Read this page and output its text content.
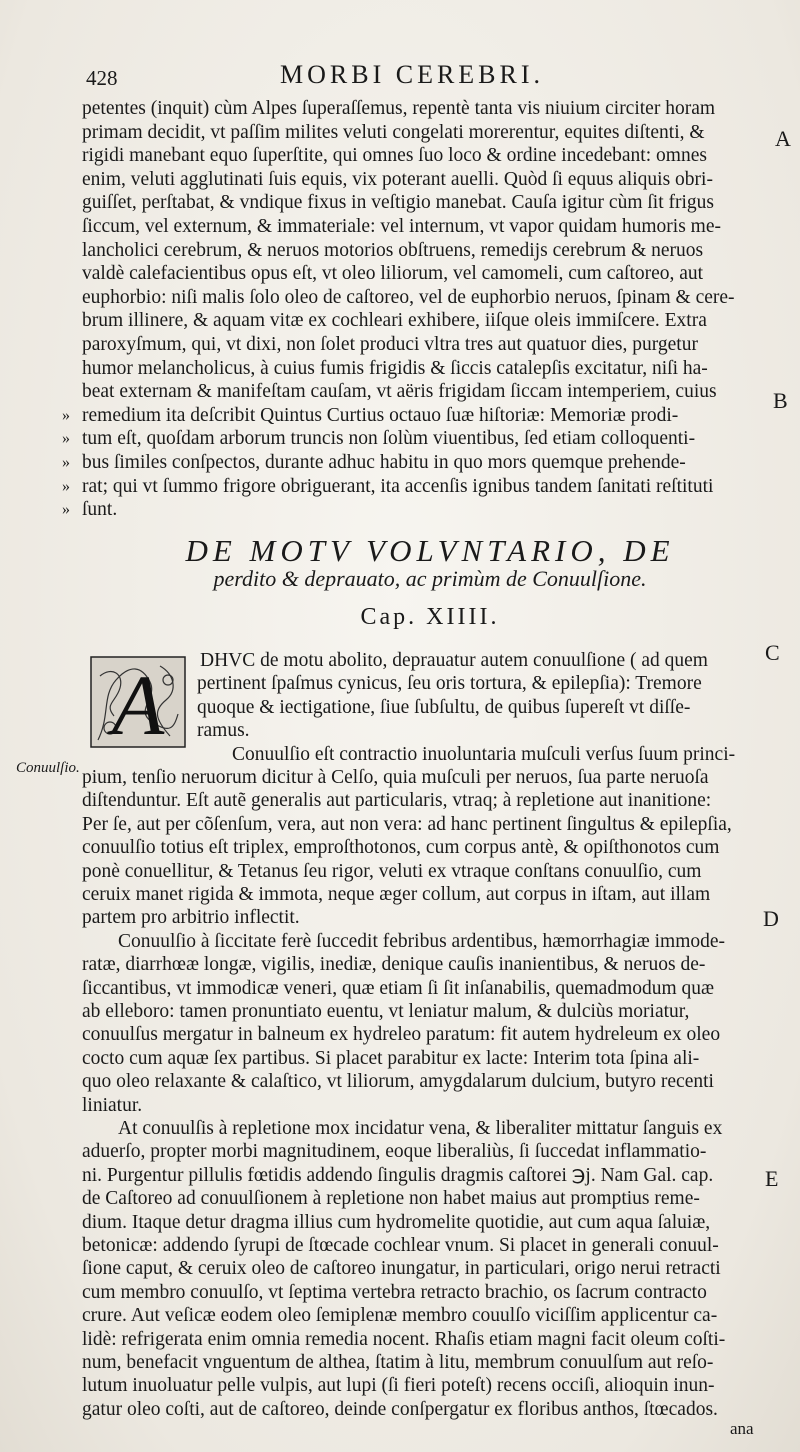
428	MORBI CEREBRI.
petentes (inquit) cùm Alpes ſuperaſſemus, repentè tanta vis niuium circiter horam
primam decidit, vt paſſim milites veluti congelati morerentur, equites diſtenti, &
rigidi manebant equo ſuperſtite, qui omnes ſuo loco & ordine incedebant: omnes
enim, veluti agglutinati ſuis equis, vix poterant auelli. Quòd ſi equus aliquis obri-
guiſſet, perſtabat, & vndique fixus in veſtigio manebat. Cauſa igitur cùm ſit frigus
ſiccum, vel externum, & immateriale: vel internum, vt vapor quidam humoris me-
lancholici cerebrum, & neruos motorios obſtruens, remedijs cerebrum & neruos
valdè calefacientibus opus eſt, vt oleo liliorum, vel camomeli, cum caſtoreo, aut
euphorbio: niſi malis ſolo oleo de caſtoreo, vel de euphorbio neruos, ſpinam & cere-
brum illinere, & aquam vitæ ex cochleari exhibere, iiſque oleis immiſcere. Extra
paroxyſmum, qui, vt dixi, non ſolet produci vltra tres aut quatuor dies, purgetur
humor melancholicus, à cuius fumis frigidis & ſiccis catalepſis excitatur, niſi ha-
beat externam & manifeſtam cauſam, vt aëris frigidam ſiccam intemperiem, cuius
remedium ita deſcribit Quintus Curtius octauo ſuæ hiſtoriæ: Memoriæ prodi-
tum eſt, quoſdam arborum truncis non ſolùm viuentibus, ſed etiam colloquenti-
bus ſimiles conſpectos, durante adhuc habitu in quo mors quemque prehende-
rat; qui vt ſummo frigore obriguerant, ita accenſis ignibus tandem ſanitati reſtituti
ſunt.
»
»
»
»
»
DE MOTV VOLVNTARIO, DE
perdito & deprauato, ac primùm de Conuulſione.
Cap. XIIII.
A DHVC de motu abolito, deprauatur autem conuulſione ( ad quem
pertinent ſpaſmus cynicus, ſeu oris tortura, & epilepſia): Tremore
quoque & iectigatione, ſiue ſubſultu, de quibus ſupereſt vt diſſe-
ramus.
Conuulſio eſt contractio inuoluntaria muſculi verſus ſuum princi-
pium, tenſio neruorum dicitur à Celſo, quia muſculi per neruos, ſua parte neruoſa
diſtenduntur. Eſt autẽ generalis aut particularis, vtraq; à repletione aut inanitione:
Per ſe, aut per cõſenſum, vera, aut non vera: ad hanc pertinent ſingultus & epilepſia,
conuulſio totius eſt triplex, emproſthotonos, cum corpus antè, & opiſthonotos cum
ponè conuellitur, & Tetanus ſeu rigor, veluti ex vtraque conſtans conuulſio, cum
ceruix manet rigida & immota, neque æger collum, aut corpus in iſtam, aut illam
partem pro arbitrio inflectit.
Conuulſio à ſiccitate ferè ſuccedit febribus ardentibus, hæmorrhagiæ immode-
ratæ, diarrhœæ longæ, vigilis, inediæ, denique cauſis inanientibus, & neruos de-
ſiccantibus, vt immodicæ veneri, quæ etiam ſi ſit inſanabilis, quemadmodum quæ
ab elleboro: tamen pronuntiato euentu, vt leniatur malum, & dulciùs moriatur,
conuulſus mergatur in balneum ex hydreleo paratum: fit autem hydreleum ex oleo
cocto cum aquæ ſex partibus. Si placet parabitur ex lacte: Interim tota ſpina ali-
quo oleo relaxante & calaſtico, vt liliorum, amygdalarum dulcium, butyro recenti
liniatur.
At conuulſis à repletione mox incidatur vena, & liberaliter mittatur ſanguis ex
aduerſo, propter morbi magnitudinem, eoque liberaliùs, ſi ſuccedat inflammatio-
ni. Purgentur pillulis fœtidis addendo ſingulis dragmis caſtorei ℈j. Nam Gal. cap.
de Caſtoreo ad conuulſionem à repletione non habet maius aut promptius reme-
dium. Itaque detur dragma illius cum hydromelite quotidie, aut cum aqua ſaluiæ,
betonicæ: addendo ſyrupi de ſtœcade cochlear vnum. Si placet in generali conuul-
ſione caput, & ceruix oleo de caſtoreo inungatur, in particulari, origo nerui retracti
cum membro conuulſo, vt ſeptima vertebra retracto brachio, os ſacrum contracto
crure. Aut veſicæ eodem oleo ſemiplenæ membro couulſo viciſſim applicentur ca-
lidè: refrigerata enim omnia remedia nocent. Rhaſis etiam magni facit oleum coſti-
num, benefacit vnguentum de althea, ſtatim à litu, membrum conuulſum aut reſo-
lutum inuoluatur pelle vulpis, aut lupi (ſi fieri poteſt) recens occiſi, alioquin inun-
gatur oleo coſti, aut de caſtoreo, deinde conſpergatur ex floribus anthos, ſtœcados.
Conuulſio.
A
B
C
D
E
ana
